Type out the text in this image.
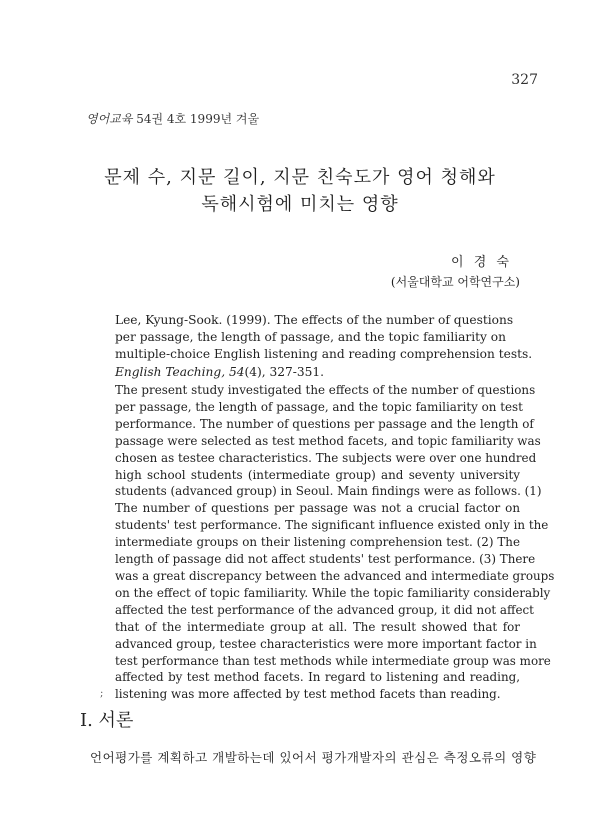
327
영어교육 54권 4호 1999년 겨울
문제 수, 지문 길이, 지문 친숙도가 영어 청해와
독해시험에 미치는 영향
이 경 숙
(서울대학교 어학연구소)
Lee, Kyung-Sook. (1999). The effects of the number of questions
per passage, the length of passage, and the topic familiarity on
multiple-choice English listening and reading comprehension tests.
English Teaching, 54(4), 327-351.
The present study investigated the effects of the number of questions
per passage, the length of passage, and the topic familiarity on test
performance. The number of questions per passage and the length of
passage were selected as test method facets, and topic familiarity was
chosen as testee characteristics. The subjects were over one hundred
high school students (intermediate group) and seventy university
students (advanced group) in Seoul. Main findings were as follows. (1)
The number of questions per passage was not a crucial factor on
students' test performance. The significant influence existed only in the
intermediate groups on their listening comprehension test. (2) The
length of passage did not affect students' test performance. (3) There
was a great discrepancy between the advanced and intermediate groups
on the effect of topic familiarity. While the topic familiarity considerably
affected the test performance of the advanced group, it did not affect
that of the intermediate group at all. The result showed that for
advanced group, testee characteristics were more important factor in
test performance than test methods while intermediate group was more
affected by test method facets. In regard to listening and reading,
listening was more affected by test method facets than reading.
;
I. 서론
언어평가를 계획하고 개발하는데 있어서 평가개발자의 관심은 측정오류의 영향
